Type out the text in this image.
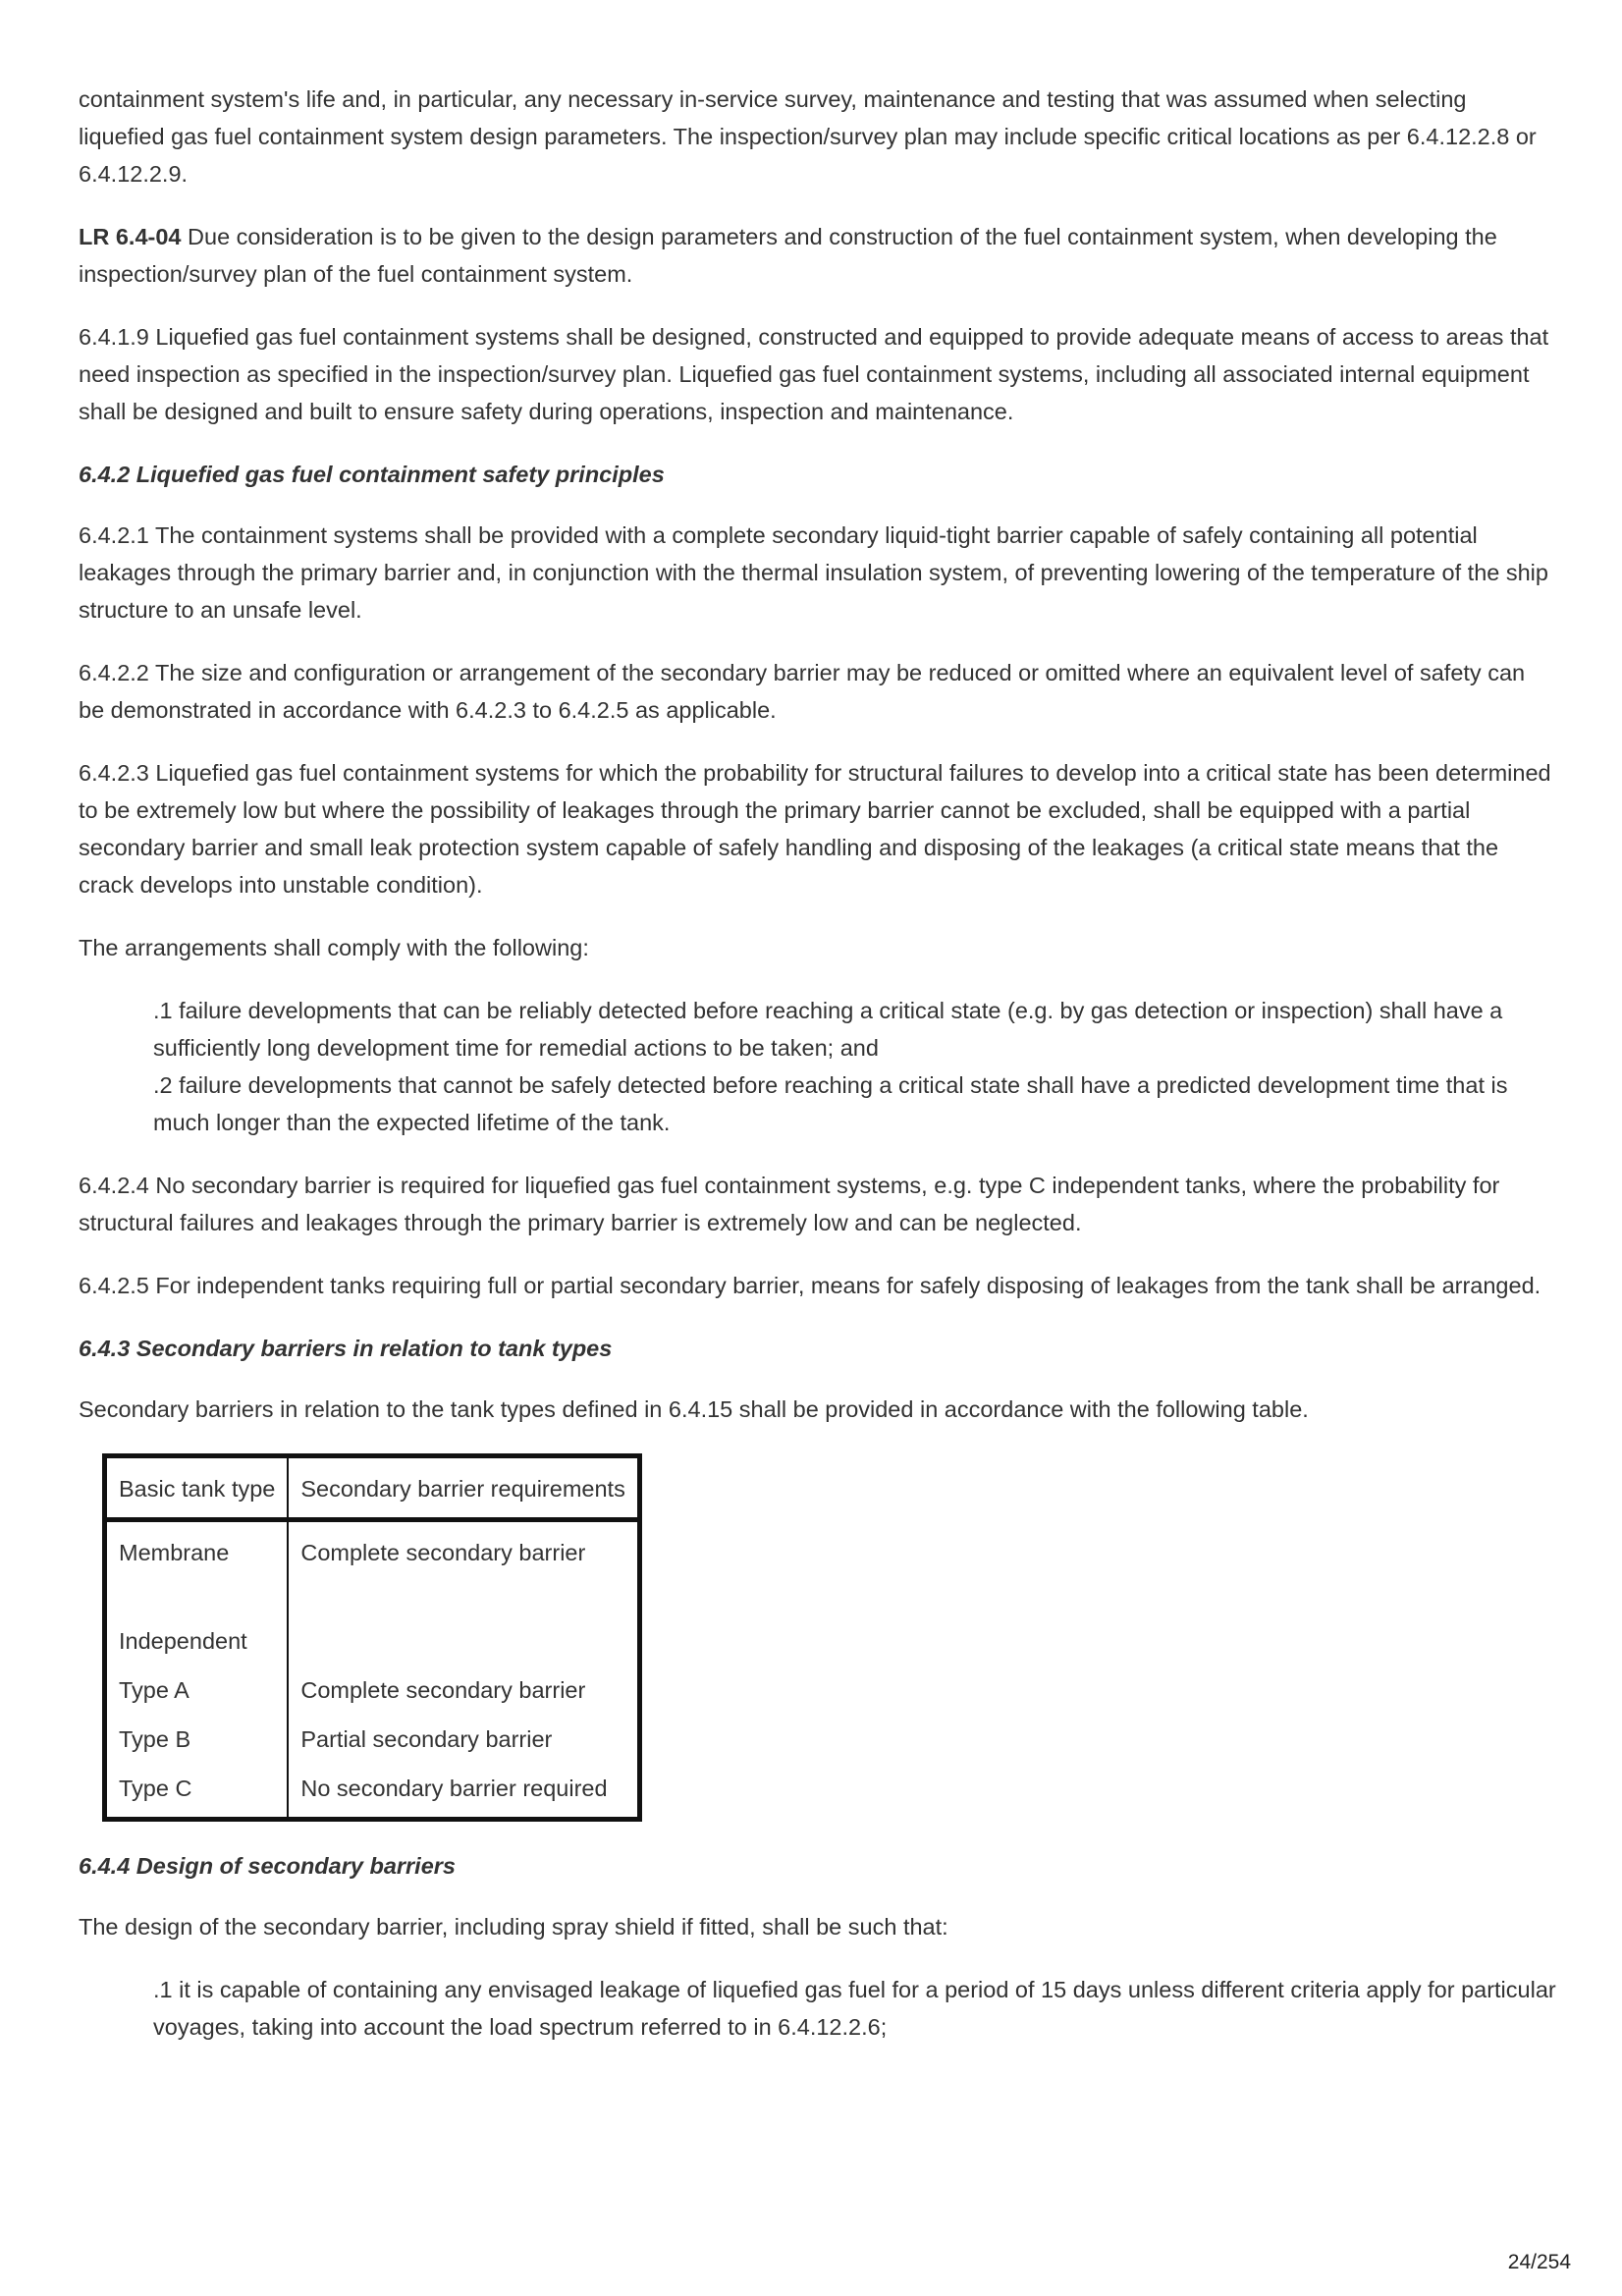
containment system's life and, in particular, any necessary in-service survey, maintenance and testing that was assumed when selecting liquefied gas fuel containment system design parameters. The inspection/survey plan may include specific critical locations as per 6.4.12.2.8 or 6.4.12.2.9.

LR 6.4-04 Due consideration is to be given to the design parameters and construction of the fuel containment system, when developing the inspection/survey plan of the fuel containment system.

6.4.1.9 Liquefied gas fuel containment systems shall be designed, constructed and equipped to provide adequate means of access to areas that need inspection as specified in the inspection/survey plan. Liquefied gas fuel containment systems, including all associated internal equipment shall be designed and built to ensure safety during operations, inspection and maintenance.

6.4.2 Liquefied gas fuel containment safety principles

6.4.2.1 The containment systems shall be provided with a complete secondary liquid-tight barrier capable of safely containing all potential leakages through the primary barrier and, in conjunction with the thermal insulation system, of preventing lowering of the temperature of the ship structure to an unsafe level.

6.4.2.2 The size and configuration or arrangement of the secondary barrier may be reduced or omitted where an equivalent level of safety can be demonstrated in accordance with 6.4.2.3 to 6.4.2.5 as applicable.

6.4.2.3 Liquefied gas fuel containment systems for which the probability for structural failures to develop into a critical state has been determined to be extremely low but where the possibility of leakages through the primary barrier cannot be excluded, shall be equipped with a partial secondary barrier and small leak protection system capable of safely handling and disposing of the leakages (a critical state means that the crack develops into unstable condition).

The arrangements shall comply with the following:

.1 failure developments that can be reliably detected before reaching a critical state (e.g. by gas detection or inspection) shall have a sufficiently long development time for remedial actions to be taken; and

.2 failure developments that cannot be safely detected before reaching a critical state shall have a predicted development time that is much longer than the expected lifetime of the tank.

6.4.2.4 No secondary barrier is required for liquefied gas fuel containment systems, e.g. type C independent tanks, where the probability for structural failures and leakages through the primary barrier is extremely low and can be neglected.

6.4.2.5 For independent tanks requiring full or partial secondary barrier, means for safely disposing of leakages from the tank shall be arranged.

6.4.3 Secondary barriers in relation to tank types

Secondary barriers in relation to the tank types defined in 6.4.15 shall be provided in accordance with the following table.

Basic tank type	Secondary barrier requirements
Membrane	Complete secondary barrier

Independent	
Type A	Complete secondary barrier
Type B	Partial secondary barrier
Type C	No secondary barrier required

6.4.4 Design of secondary barriers

The design of the secondary barrier, including spray shield if fitted, shall be such that:

.1 it is capable of containing any envisaged leakage of liquefied gas fuel for a period of 15 days unless different criteria apply for particular voyages, taking into account the load spectrum referred to in 6.4.12.2.6;

24/254
